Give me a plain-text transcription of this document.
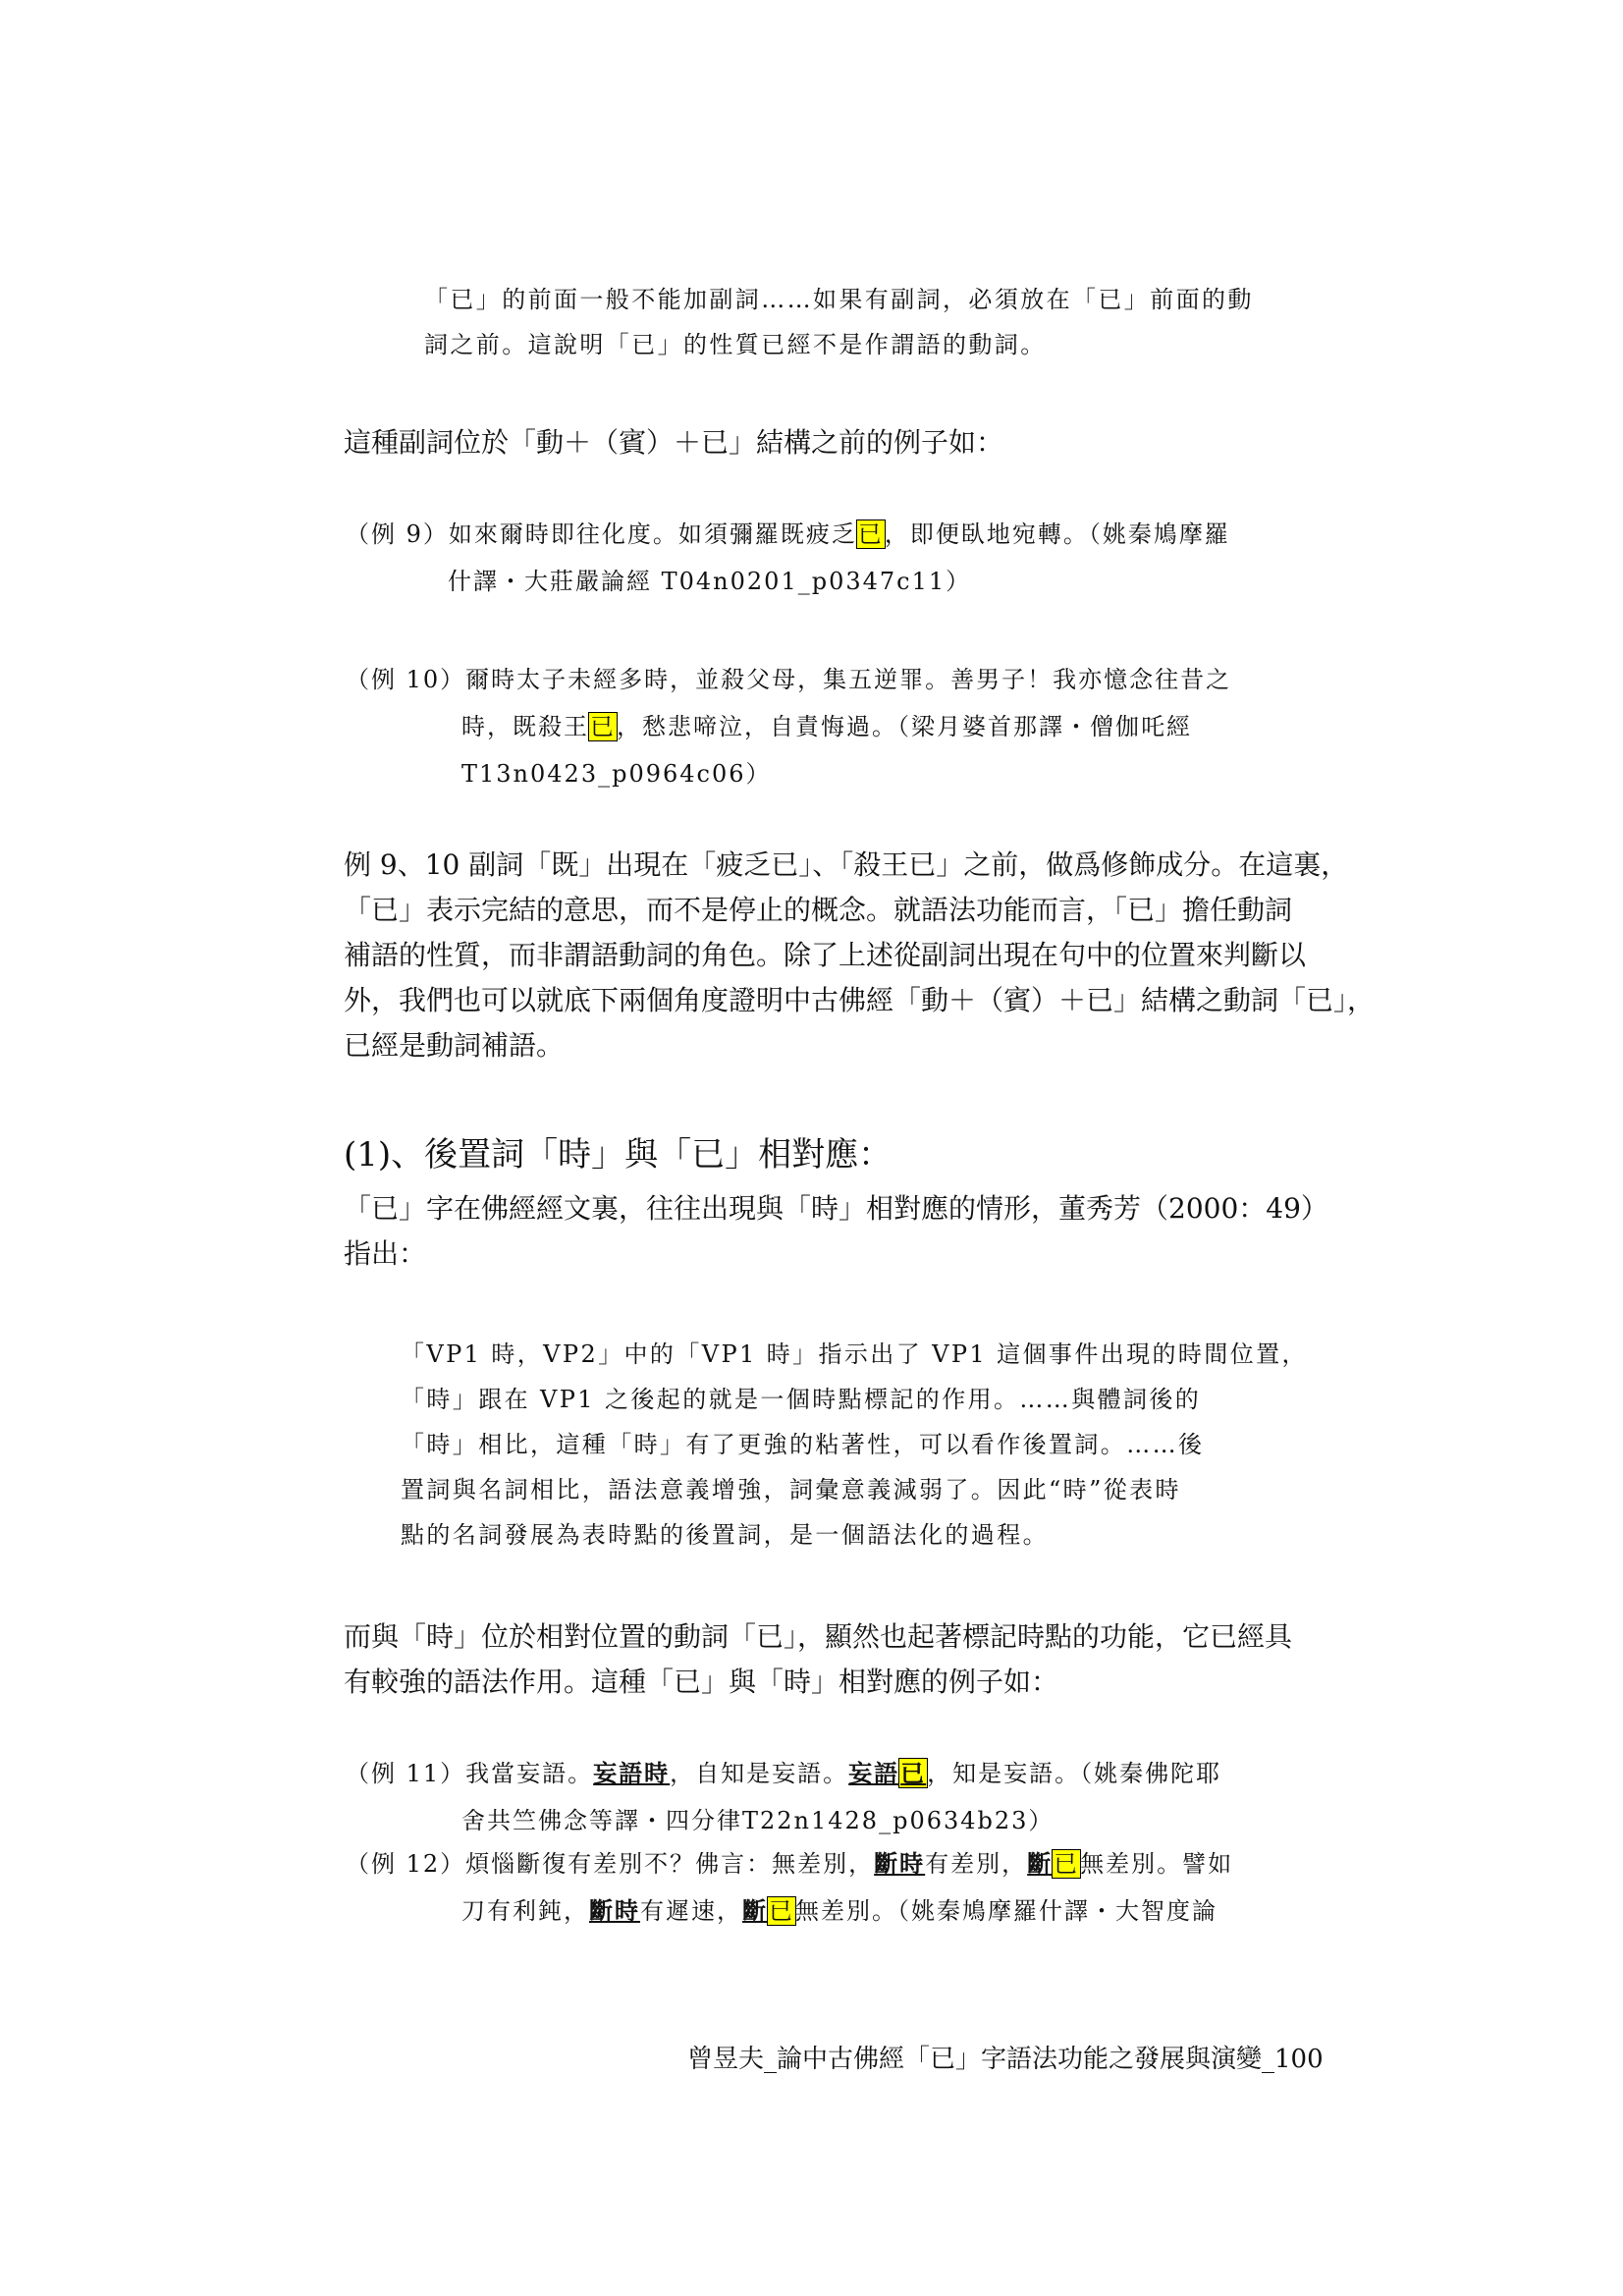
「已」的前面一般不能加副詞……如果有副詞，必須放在「已」前面的動
詞之前。這說明「已」的性質已經不是作謂語的動詞。
這種副詞位於「動＋（賓）＋已」結構之前的例子如：
（例 9）如來爾時即往化度。如須彌羅既疲乏已，即便臥地宛轉。（姚秦鳩摩羅
什譯・大莊嚴論經 T04n0201_p0347c11）
（例 10）爾時太子未經多時，並殺父母，集五逆罪。善男子！我亦憶念往昔之
時，既殺王已，愁悲啼泣，自責悔過。（梁月婆首那譯・僧伽吒經
T13n0423_p0964c06）
例 9、10 副詞「既」出現在「疲乏已」、「殺王已」之前，做爲修飾成分。在這裏，
「已」表示完結的意思，而不是停止的概念。就語法功能而言，「已」擔任動詞
補語的性質，而非謂語動詞的角色。除了上述從副詞出現在句中的位置來判斷以
外，我們也可以就底下兩個角度證明中古佛經「動＋（賓）＋已」結構之動詞「已」，
已經是動詞補語。
(1)、後置詞「時」與「已」相對應：
「已」字在佛經經文裏，往往出現與「時」相對應的情形，董秀芳（2000：49）
指出：
「VP1 時，VP2」中的「VP1 時」指示出了 VP1 這個事件出現的時間位置，
「時」跟在 VP1 之後起的就是一個時點標記的作用。……與體詞後的
「時」相比，這種「時」有了更強的粘著性，可以看作後置詞。……後
置詞與名詞相比，語法意義增強，詞彙意義減弱了。因此“時”從表時
點的名詞發展為表時點的後置詞，是一個語法化的過程。
而與「時」位於相對位置的動詞「已」，顯然也起著標記時點的功能，它已經具
有較強的語法作用。這種「已」與「時」相對應的例子如：
（例 11）我當妄語。妄語時，自知是妄語。妄語已，知是妄語。（姚秦佛陀耶
舍共竺佛念等譯・四分律T22n1428_p0634b23）
（例 12）煩惱斷復有差別不？佛言：無差別，斷時有差別，斷已無差別。譬如
刀有利鈍，斷時有遲速，斷已無差別。（姚秦鳩摩羅什譯・大智度論
曾昱夫_論中古佛經「已」字語法功能之發展與演變_100
